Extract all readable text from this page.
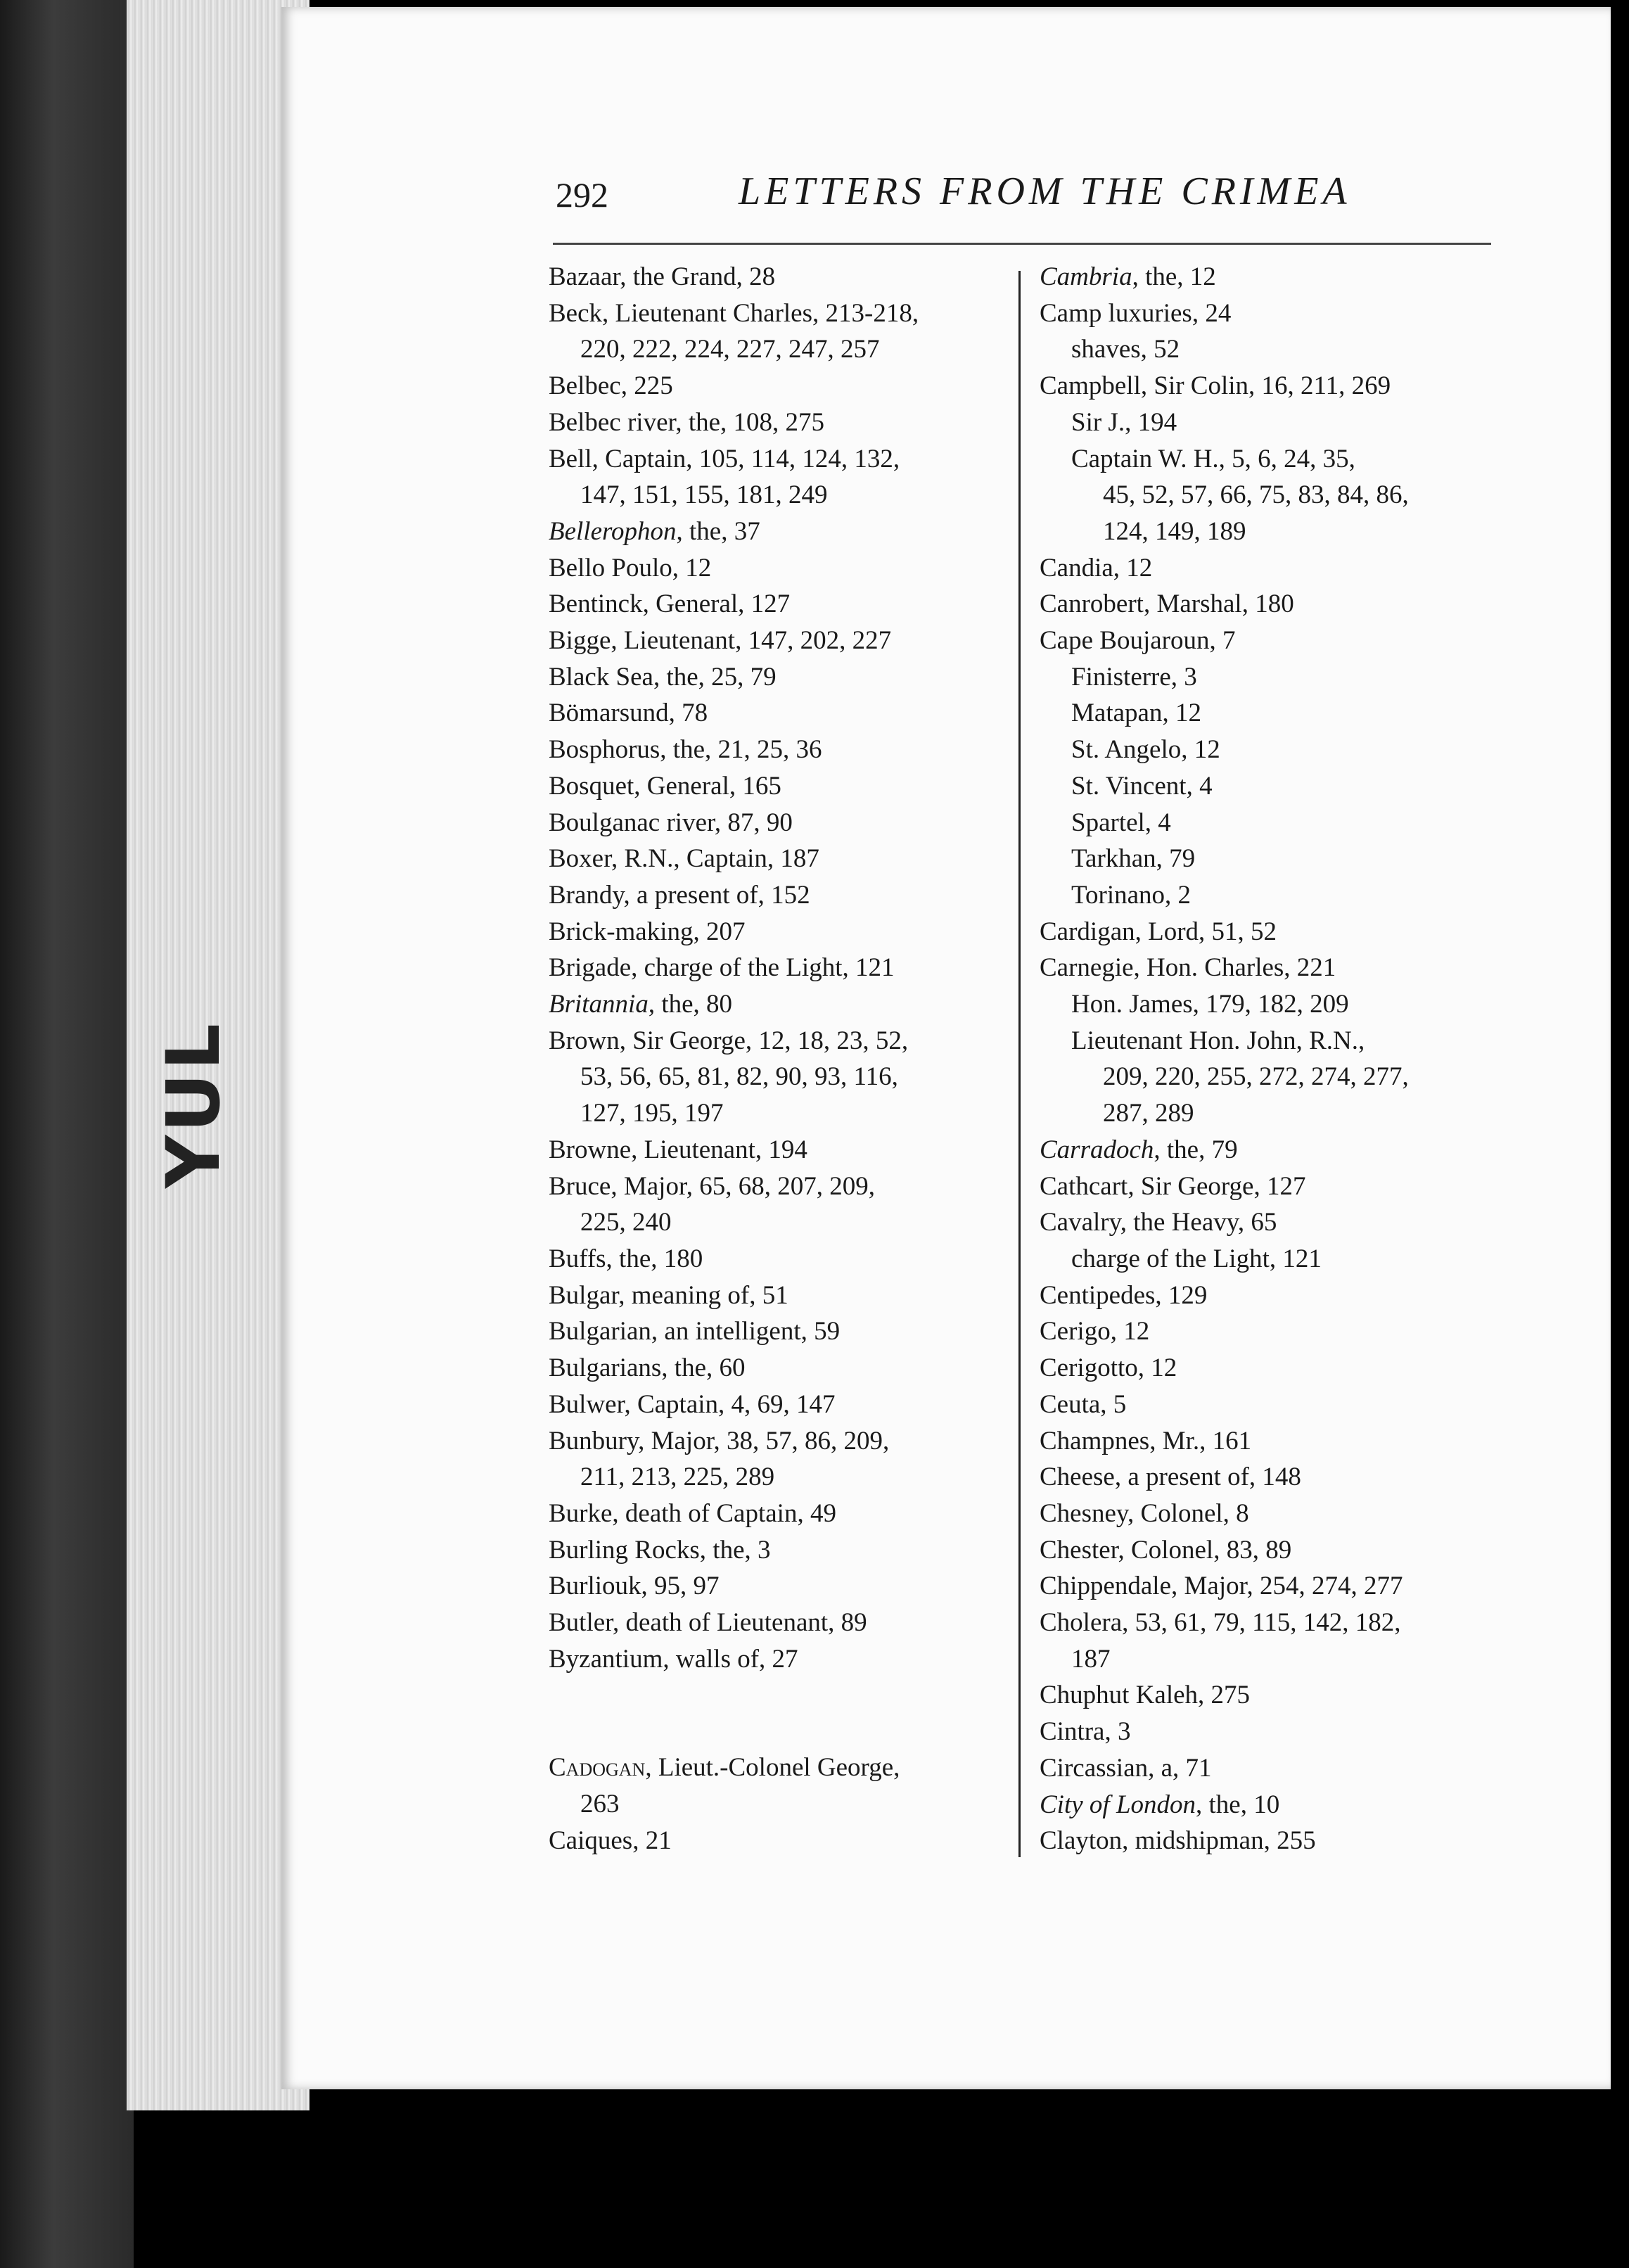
YUL
292	LETTERS FROM THE CRIMEA
Bazaar, the Grand, 28
Beck, Lieutenant Charles, 213-218,
220, 222, 224, 227, 247, 257
Belbec, 225
Belbec river, the, 108, 275
Bell, Captain, 105, 114, 124, 132,
147, 151, 155, 181, 249
Bellerophon, the, 37
Bello Poulo, 12
Bentinck, General, 127
Bigge, Lieutenant, 147, 202, 227
Black Sea, the, 25, 79
Bömarsund, 78
Bosphorus, the, 21, 25, 36
Bosquet, General, 165
Boulganac river, 87, 90
Boxer, R.N., Captain, 187
Brandy, a present of, 152
Brick-making, 207
Brigade, charge of the Light, 121
Britannia, the, 80
Brown, Sir George, 12, 18, 23, 52,
53, 56, 65, 81, 82, 90, 93, 116,
127, 195, 197
Browne, Lieutenant, 194
Bruce, Major, 65, 68, 207, 209,
225, 240
Buffs, the, 180
Bulgar, meaning of, 51
Bulgarian, an intelligent, 59
Bulgarians, the, 60
Bulwer, Captain, 4, 69, 147
Bunbury, Major, 38, 57, 86, 209,
211, 213, 225, 289
Burke, death of Captain, 49
Burling Rocks, the, 3
Burliouk, 95, 97
Butler, death of Lieutenant, 89
Byzantium, walls of, 27
Cadogan, Lieut.-Colonel George,
263
Caiques, 21
Cambria, the, 12
Camp luxuries, 24
shaves, 52
Campbell, Sir Colin, 16, 211, 269
Sir J., 194
Captain W. H., 5, 6, 24, 35,
45, 52, 57, 66, 75, 83, 84, 86,
124, 149, 189
Candia, 12
Canrobert, Marshal, 180
Cape Boujaroun, 7
Finisterre, 3
Matapan, 12
St. Angelo, 12
St. Vincent, 4
Spartel, 4
Tarkhan, 79
Torinano, 2
Cardigan, Lord, 51, 52
Carnegie, Hon. Charles, 221
Hon. James, 179, 182, 209
Lieutenant Hon. John, R.N.,
209, 220, 255, 272, 274, 277,
287, 289
Carradoch, the, 79
Cathcart, Sir George, 127
Cavalry, the Heavy, 65
charge of the Light, 121
Centipedes, 129
Cerigo, 12
Cerigotto, 12
Ceuta, 5
Champnes, Mr., 161
Cheese, a present of, 148
Chesney, Colonel, 8
Chester, Colonel, 83, 89
Chippendale, Major, 254, 274, 277
Cholera, 53, 61, 79, 115, 142, 182,
187
Chuphut Kaleh, 275
Cintra, 3
Circassian, a, 71
City of London, the, 10
Clayton, midshipman, 255
